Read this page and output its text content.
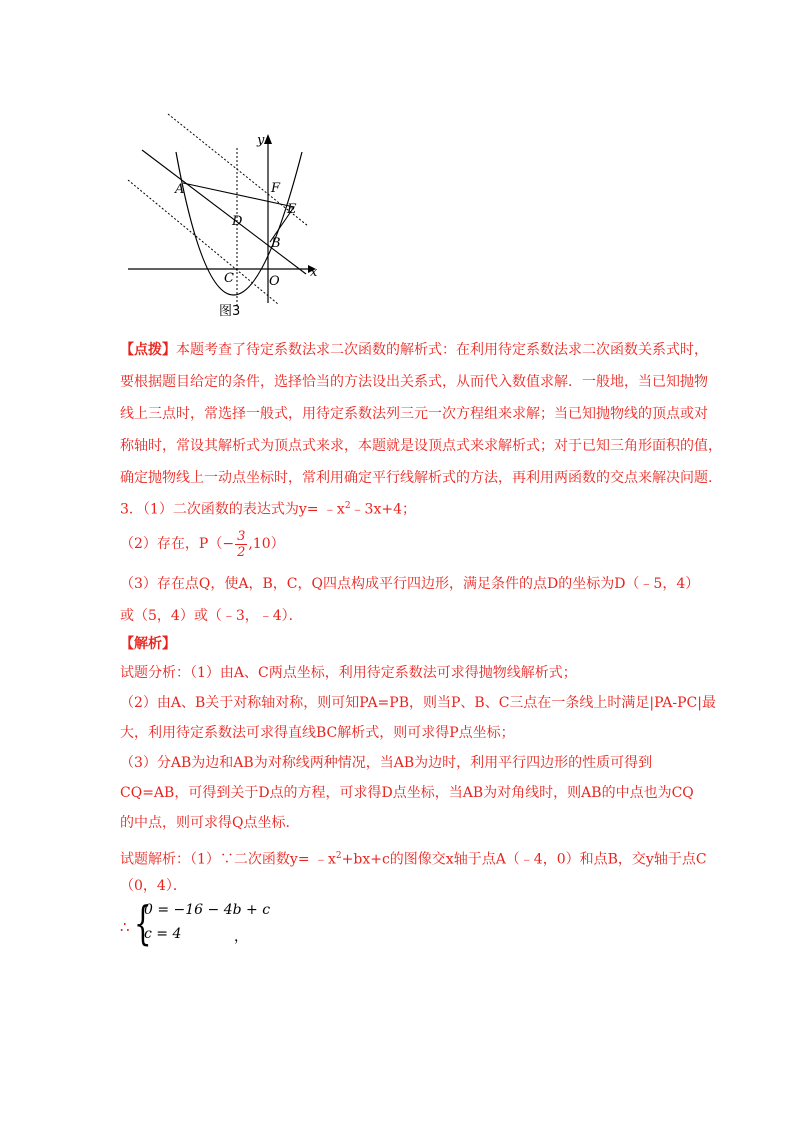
y
x
A	F
E
D
B
C	O
图3
【点拨】本题考查了待定系数法求二次函数的解析式：在利用待定系数法求二次函数关系式时，
要根据题目给定的条件，选择恰当的方法设出关系式，从而代入数值求解．一般地，当已知抛物
线上三点时，常选择一般式，用待定系数法列三元一次方程组来求解；当已知抛物线的顶点或对
称轴时，常设其解析式为顶点式来求，本题就是设顶点式来求解析式；对于已知三角形面积的值，
确定抛物线上一动点坐标时，常利用确定平行线解析式的方法，再利用两函数的交点来解决问题.
3．（1）二次函数的表达式为$y= ﹣x^2﹣3x+4$；
（2）存在，$P(- \frac{3}{2} ,10)$
（3）存在点Q，使A，B，C，Q四点构成平行四边形，满足条件的点D的坐标为D（﹣5，4）
或（5，4）或（﹣3，﹣4）．
【解析】
试题分析：（1）由A、C两点坐标，利用待定系数法可求得抛物线解析式；
（2）由A、B关于对称轴对称，则可知PA=PB，则当P、B、C三点在一条线上时满足|PA-PC|最
大，利用待定系数法可求得直线BC解析式，则可求得P点坐标；
（3）分AB为边和AB为对称线两种情况，当AB为边时，利用平行四边形的性质可得到
CQ=AB，可得到关于D点的方程，可求得D点坐标，当AB为对角线时，则AB的中点也为CQ
的中点，则可求得Q点坐标.
试题解析：（1）∵二次函数$y= ﹣x^2+bx+c$的图像交x轴于点A（﹣4，0）和点B，交y轴于点C
（0，4）．
∴ {
0 = −16 − 4b + c
c = 4	，
